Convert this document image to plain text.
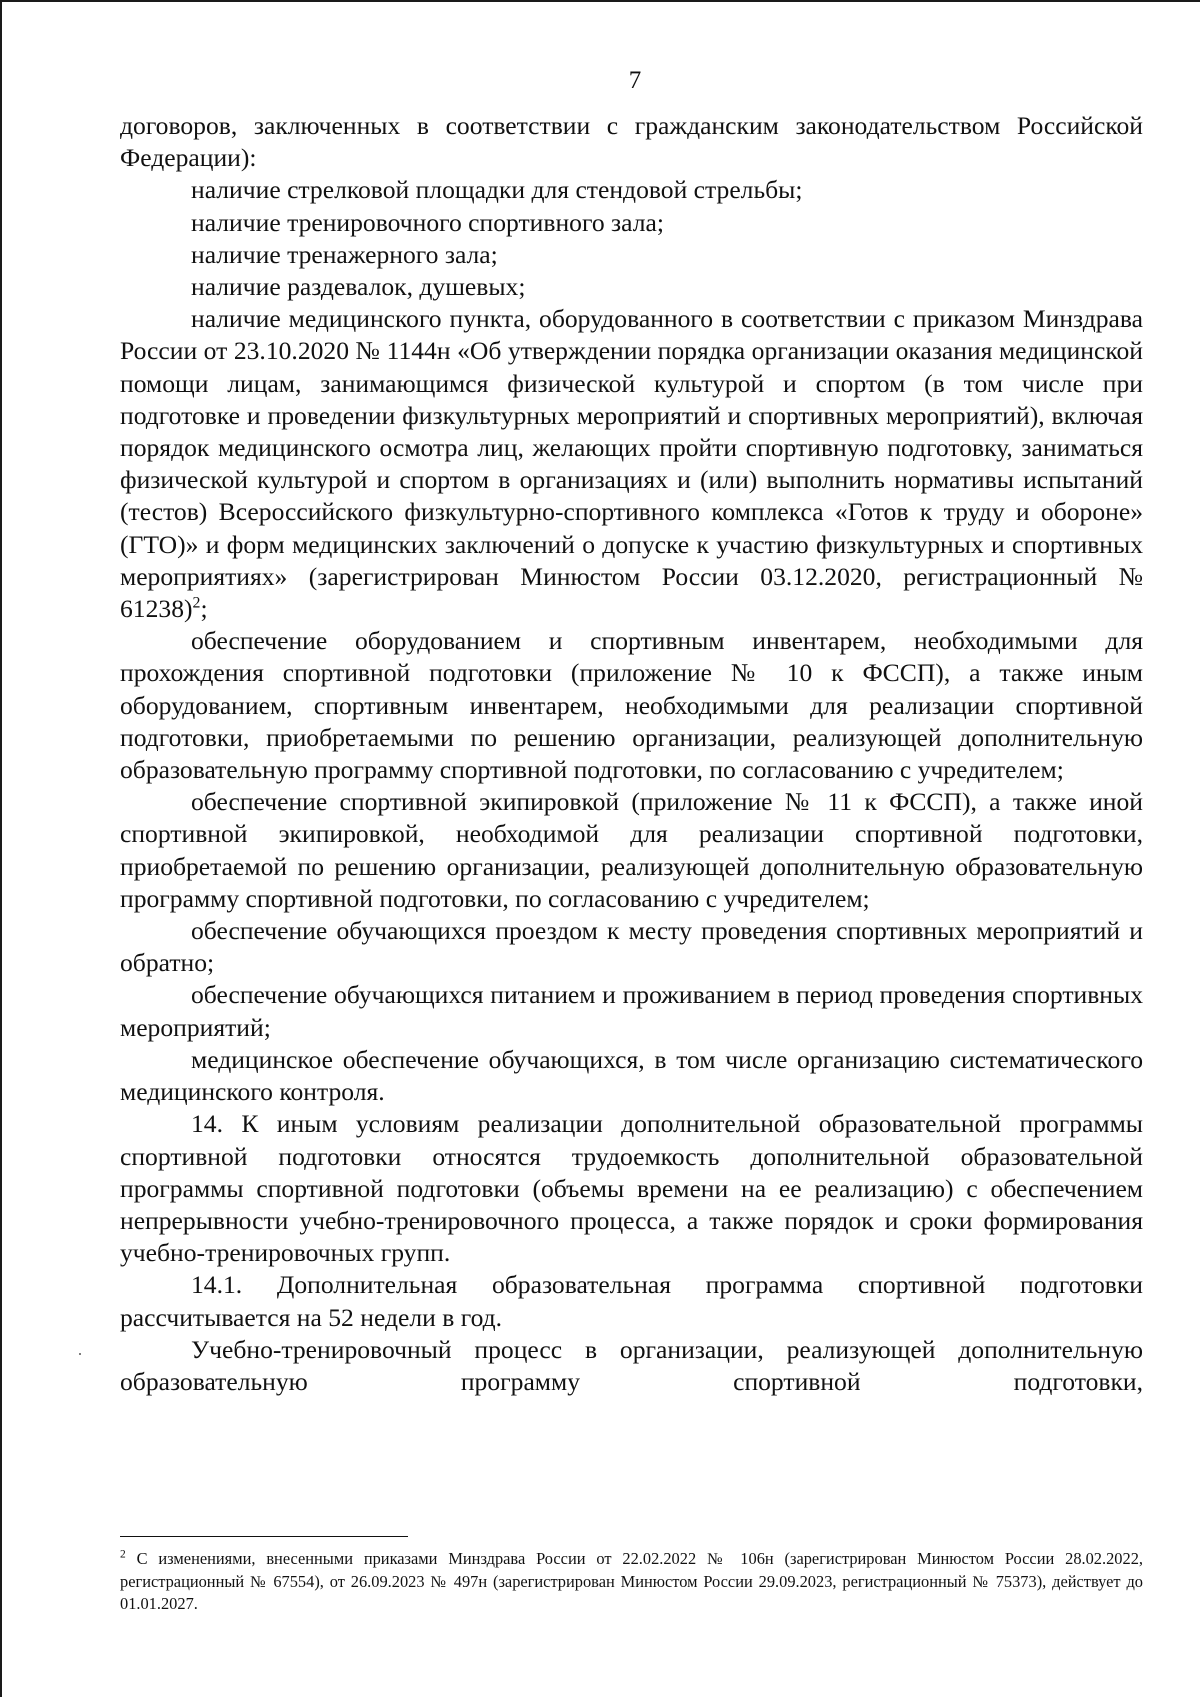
7

договоров, заключенных в соответствии с гражданским законодательством Российской Федерации):

наличие стрелковой площадки для стендовой стрельбы;

наличие тренировочного спортивного зала;

наличие тренажерного зала;

наличие раздевалок, душевых;

наличие медицинского пункта, оборудованного в соответствии с приказом Минздрава России от 23.10.2020 № 1144н «Об утверждении порядка организации оказания медицинской помощи лицам, занимающимся физической культурой и спортом (в том числе при подготовке и проведении физкультурных мероприятий и спортивных мероприятий), включая порядок медицинского осмотра лиц, желающих пройти спортивную подготовку, заниматься физической культурой и спортом в организациях и (или) выполнить нормативы испытаний (тестов) Всероссийского физкультурно-спортивного комплекса «Готов к труду и обороне» (ГТО)» и форм медицинских заключений о допуске к участию физкультурных и спортивных мероприятиях» (зарегистрирован Минюстом России 03.12.2020, регистрационный № 61238)$^2$;

обеспечение оборудованием и спортивным инвентарем, необходимыми для прохождения спортивной подготовки (приложение № 10 к ФССП), а также иным оборудованием, спортивным инвентарем, необходимыми для реализации спортивной подготовки, приобретаемыми по решению организации, реализующей дополнительную образовательную программу спортивной подготовки, по согласованию с учредителем;

обеспечение спортивной экипировкой (приложение № 11 к ФССП), а также иной спортивной экипировкой, необходимой для реализации спортивной подготовки, приобретаемой по решению организации, реализующей дополнительную образовательную программу спортивной подготовки, по согласованию с учредителем;

обеспечение обучающихся проездом к месту проведения спортивных мероприятий и обратно;

обеспечение обучающихся питанием и проживанием в период проведения спортивных мероприятий;

медицинское обеспечение обучающихся, в том числе организацию систематического медицинского контроля.

14. К иным условиям реализации дополнительной образовательной программы спортивной подготовки относятся трудоемкость дополнительной образовательной программы спортивной подготовки (объемы времени на ее реализацию) с обеспечением непрерывности учебно-тренировочного процесса, а также порядок и сроки формирования учебно-тренировочных групп.

14.1. Дополнительная образовательная программа спортивной подготовки рассчитывается на 52 недели в год.

Учебно-тренировочный процесс в организации, реализующей дополнительную образовательную программу спортивной подготовки,

$^2$ С изменениями, внесенными приказами Минздрава России от 22.02.2022 № 106н (зарегистрирован Минюстом России 28.02.2022, регистрационный № 67554), от 26.09.2023 № 497н (зарегистрирован Минюстом России 29.09.2023, регистрационный № 75373), действует до 01.01.2027.
